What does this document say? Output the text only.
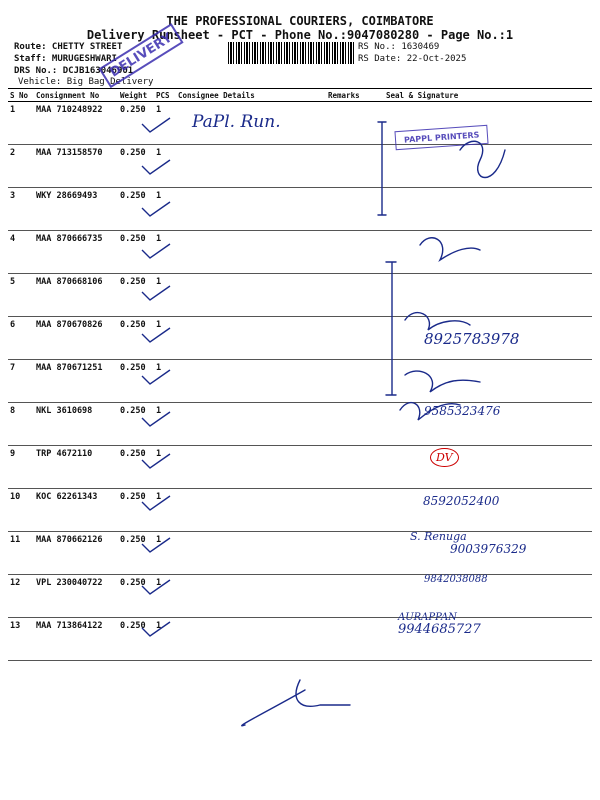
THE PROFESSIONAL COURIERS, COIMBATORE
Delivery Runsheet - PCT - Phone No.:9047080280 - Page No.:1
Route: CHETTY STREET
Staff: MURUGESHWARI
DRS No.: DCJB163046901
Vehicle: Big Bag Delivery
RS No.: 1630469
RS Date: 22-Oct-2025
DELIVERY
S No	Consignment No	Weight	PCS	Consignee Details	Remarks	Seal & Signature
1	MAA 710248922	0.250	1			
2	MAA 713158570	0.250	1			
3	WKY 28669493	0.250	1			
4	MAA 870666735	0.250	1			
5	MAA 870668106	0.250	1			
6	MAA 870670826	0.250	1			
7	MAA 870671251	0.250	1			
8	NKL 3610698	0.250	1			
9	TRP 4672110	0.250	1			
10	KOC 62261343	0.250	1			
11	MAA 870662126	0.250	1			
12	VPL 230040722	0.250	1			
13	MAA 713864122	0.250	1			
PAPPL PRINTERS
PaPl. Run.
8925783978
9585323476
8592052400
S. Renuga
9003976329
9842038088
AURAPPAN
9944685727
DV
